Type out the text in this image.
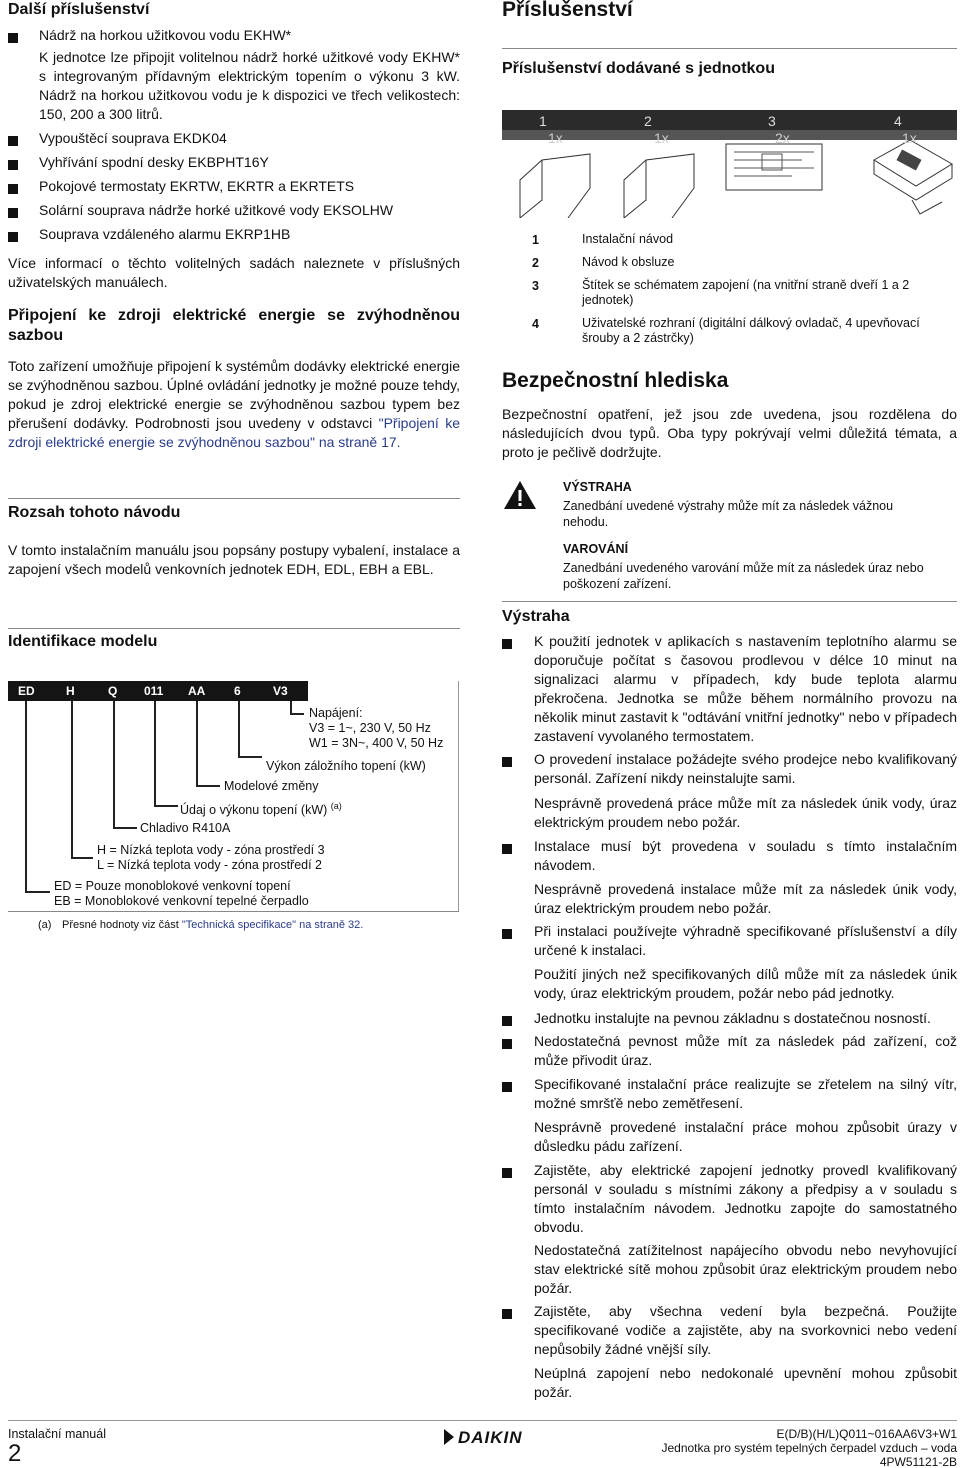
Další příslušenství
Nádrž na horkou užitkovou vodu EKHW*
K jednotce lze připojit volitelnou nádrž horké užitkové vody EKHW* s integrovaným přídavným elektrickým topením o výkonu 3 kW. Nádrž na horkou užitkovou vodu je k dispozici ve třech velikostech: 150, 200 a 300 litrů.
Vypouštěcí souprava EKDK04
Vyhřívání spodní desky EKBPHT16Y
Pokojové termostaty EKRTW, EKRTR a EKRTETS
Solární souprava nádrže horké užitkové vody EKSOLHW
Souprava vzdáleného alarmu EKRP1HB
Více informací o těchto volitelných sadách naleznete v příslušných uživatelských manuálech.
Připojení ke zdroji elektrické energie se zvýhodněnou sazbou
Toto zařízení umožňuje připojení k systémům dodávky elektrické energie se zvýhodněnou sazbou. Úplné ovládání jednotky je možné pouze tehdy, pokud je zdroj elektrické energie se zvýhodněnou sazbou typem bez přerušení dodávky. Podrobnosti jsou uvedeny v odstavci "Připojení ke zdroji elektrické energie se zvýhodněnou sazbou" na straně 17.
Rozsah tohoto návodu
V tomto instalačním manuálu jsou popsány postupy vybalení, instalace a zapojení všech modelů venkovních jednotek EDH, EDL, EBH a EBL.
Identifikace modelu
ED	H	Q 011 AA 6	V3
Napájení:
V3 = 1~, 230 V, 50 Hz
W1 = 3N~, 400 V, 50 Hz
Výkon záložního topení (kW)
Modelové změny
Údaj o výkonu topení (kW) $^{(a)}$
Chladivo R410A
H = Nízká teplota vody - zóna prostředí 3
L = Nízká teplota vody - zóna prostředí 2
ED = Pouze monoblokové venkovní topení
EB = Monoblokové venkovní tepelné čerpadlo
(a) Přesné hodnoty viz část "Technická specifikace" na straně 32.
Příslušenství
Příslušenství dodávané s jednotkou
1	2	3	4
1x	1x	2x	1x
1	Instalační návod
2	Návod k obsluze
3	Štítek se schématem zapojení (na vnitřní straně dveří 1 a 2 jednotek)
4	Uživatelské rozhraní (digitální dálkový ovladač, 4 upevňovací šrouby a 2 zástrčky)
Bezpečnostní hlediska
Bezpečnostní opatření, jež jsou zde uvedena, jsou rozdělena do následujících dvou typů. Oba typy pokrývají velmi důležitá témata, a proto je pečlivě dodržujte.
VÝSTRAHA
Zanedbání uvedené výstrahy může mít za následek vážnou nehodu.
VAROVÁNÍ
Zanedbání uvedeného varování může mít za následek úraz nebo poškození zařízení.
Výstraha
K použití jednotek v aplikacích s nastavením teplotního alarmu se doporučuje počítat s časovou prodlevou v délce 10 minut na signalizaci alarmu v případech, kdy bude teplota alarmu překročena. Jednotka se může během normálního provozu na několik minut zastavit k "odtávání vnitřní jednotky" nebo v případech zastavení vyvolaného termostatem.
O provedení instalace požádejte svého prodejce nebo kvalifikovaný personál. Zařízení nikdy neinstalujte sami.
Nesprávně provedená práce může mít za následek únik vody, úraz elektrickým proudem nebo požár.
Instalace musí být provedena v souladu s tímto instalačním návodem.
Nesprávně provedená instalace může mít za následek únik vody, úraz elektrickým proudem nebo požár.
Při instalaci používejte výhradně specifikované příslušenství a díly určené k instalaci.
Použití jiných než specifikovaných dílů může mít za následek únik vody, úraz elektrickým proudem, požár nebo pád jednotky.
Jednotku instalujte na pevnou základnu s dostatečnou nosností.
Nedostatečná pevnost může mít za následek pád zařízení, což může přivodit úraz.
Specifikované instalační práce realizujte se zřetelem na silný vítr, možné smršťě nebo zemětřesení.
Nesprávně provedené instalační práce mohou způsobit úrazy v důsledku pádu zařízení.
Zajistěte, aby elektrické zapojení jednotky provedl kvalifikovaný personál v souladu s místními zákony a předpisy a v souladu s tímto instalačním návodem. Jednotku zapojte do samostatného obvodu.
Nedostatečná zatížitelnost napájecího obvodu nebo nevyhovující stav elektrické sítě mohou způsobit úraz elektrickým proudem nebo požár.
Zajistěte, aby všechna vedení byla bezpečná. Použijte specifikované vodiče a zajistěte, aby na svorkovnici nebo vedení nepůsobily žádné vnější síly.
Neúplná zapojení nebo nedokonalé upevnění mohou způsobit požár.
Instalační manuál
2
DAIKIN	E(D/B)(H/L)Q011~016AA6V3+W1
Jednotka pro systém tepelných čerpadel vzduch – voda
4PW51121-2B
